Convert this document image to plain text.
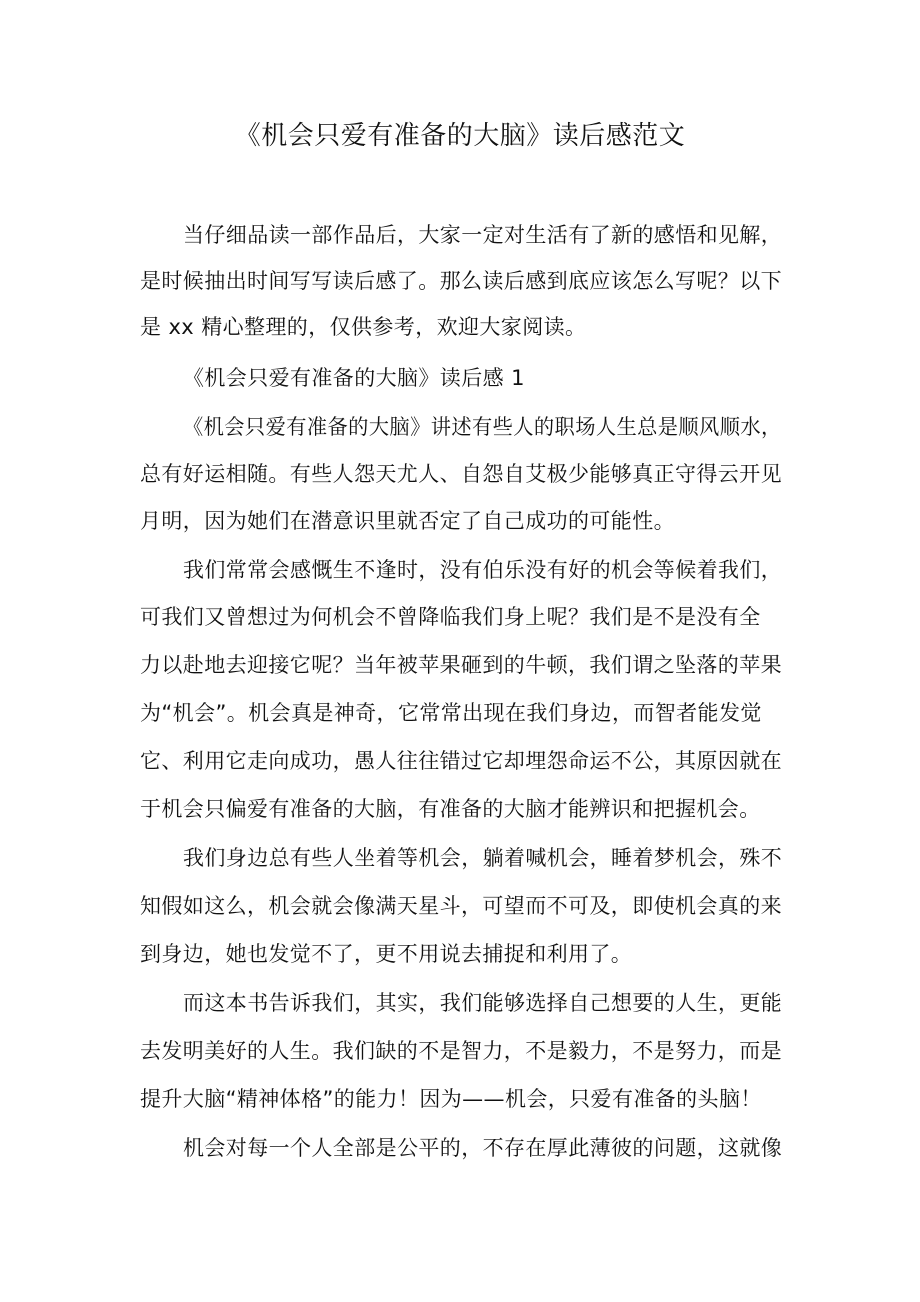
《机会只爱有准备的大脑》读后感范文

当仔细品读一部作品后，大家一定对生活有了新的感悟和见解，

是时候抽出时间写写读后感了。那么读后感到底应该怎么写呢？以下

是 xx 精心整理的，仅供参考，欢迎大家阅读。

《机会只爱有准备的大脑》读后感 1

《机会只爱有准备的大脑》讲述有些人的职场人生总是顺风顺水，

总有好运相随。有些人怨天尤人、自怨自艾极少能够真正守得云开见

月明，因为她们在潜意识里就否定了自己成功的可能性。

我们常常会感慨生不逢时，没有伯乐没有好的机会等候着我们，

可我们又曾想过为何机会不曾降临我们身上呢？我们是不是没有全

力以赴地去迎接它呢？当年被苹果砸到的牛顿，我们谓之坠落的苹果

为“机会”。机会真是神奇，它常常出现在我们身边，而智者能发觉

它、利用它走向成功，愚人往往错过它却埋怨命运不公，其原因就在

于机会只偏爱有准备的大脑，有准备的大脑才能辨识和把握机会。

我们身边总有些人坐着等机会，躺着喊机会，睡着梦机会，殊不

知假如这么，机会就会像满天星斗，可望而不可及，即使机会真的来

到身边，她也发觉不了，更不用说去捕捉和利用了。

而这本书告诉我们，其实，我们能够选择自己想要的人生，更能

去发明美好的人生。我们缺的不是智力，不是毅力，不是努力，而是

提升大脑“精神体格”的能力！因为——机会，只爱有准备的头脑！

机会对每一个人全部是公平的，不存在厚此薄彼的问题，这就像
